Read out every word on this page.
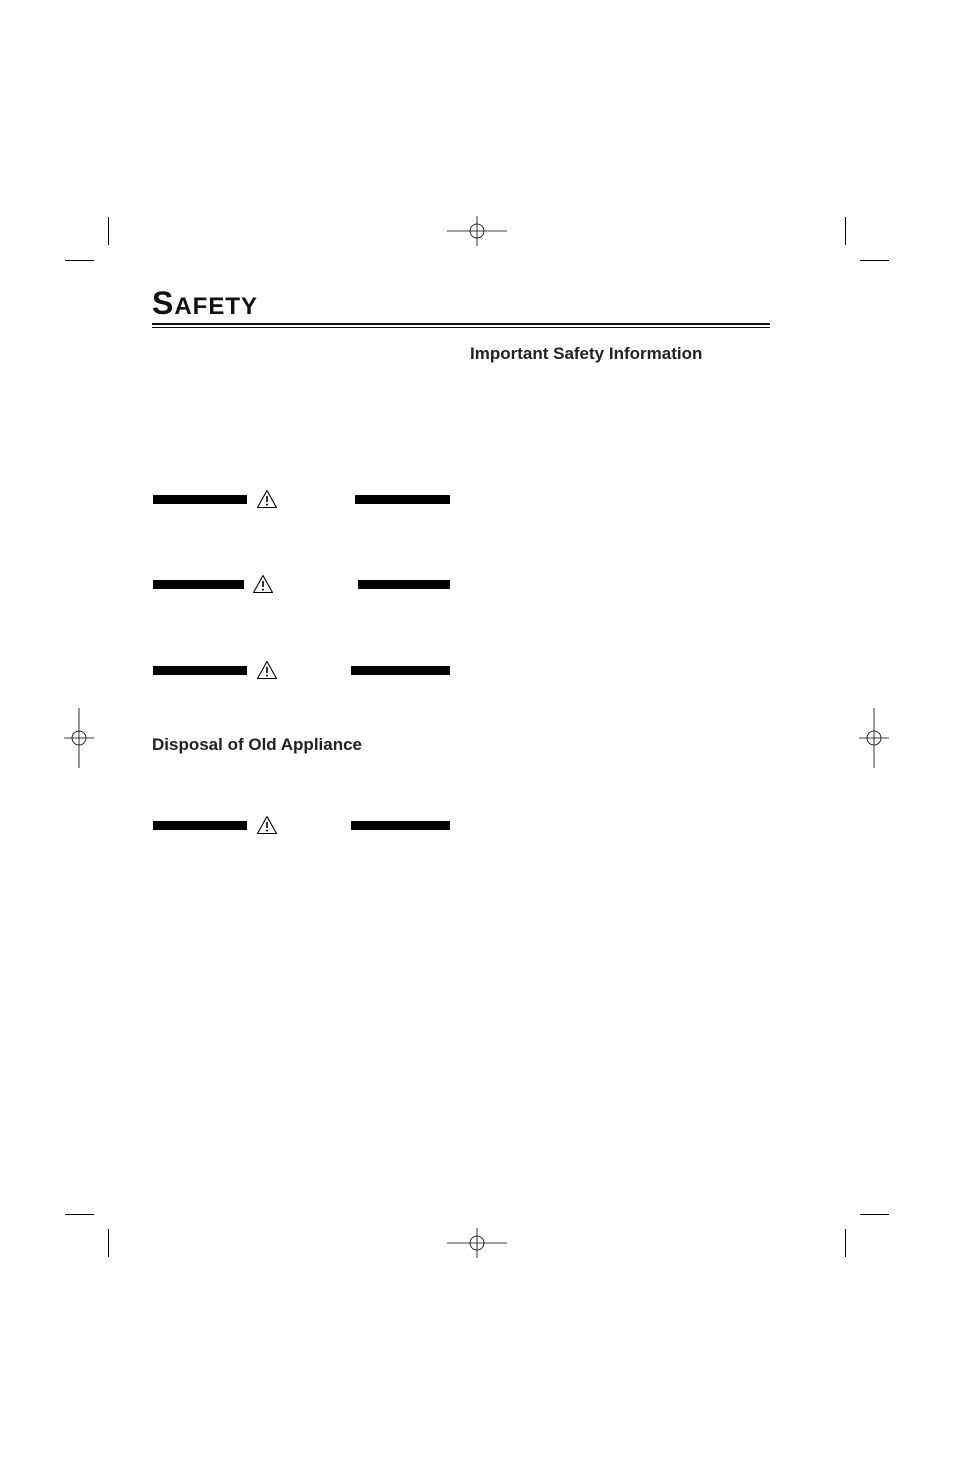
SAFETY
Important Safety Information
Disposal of Old Appliance
